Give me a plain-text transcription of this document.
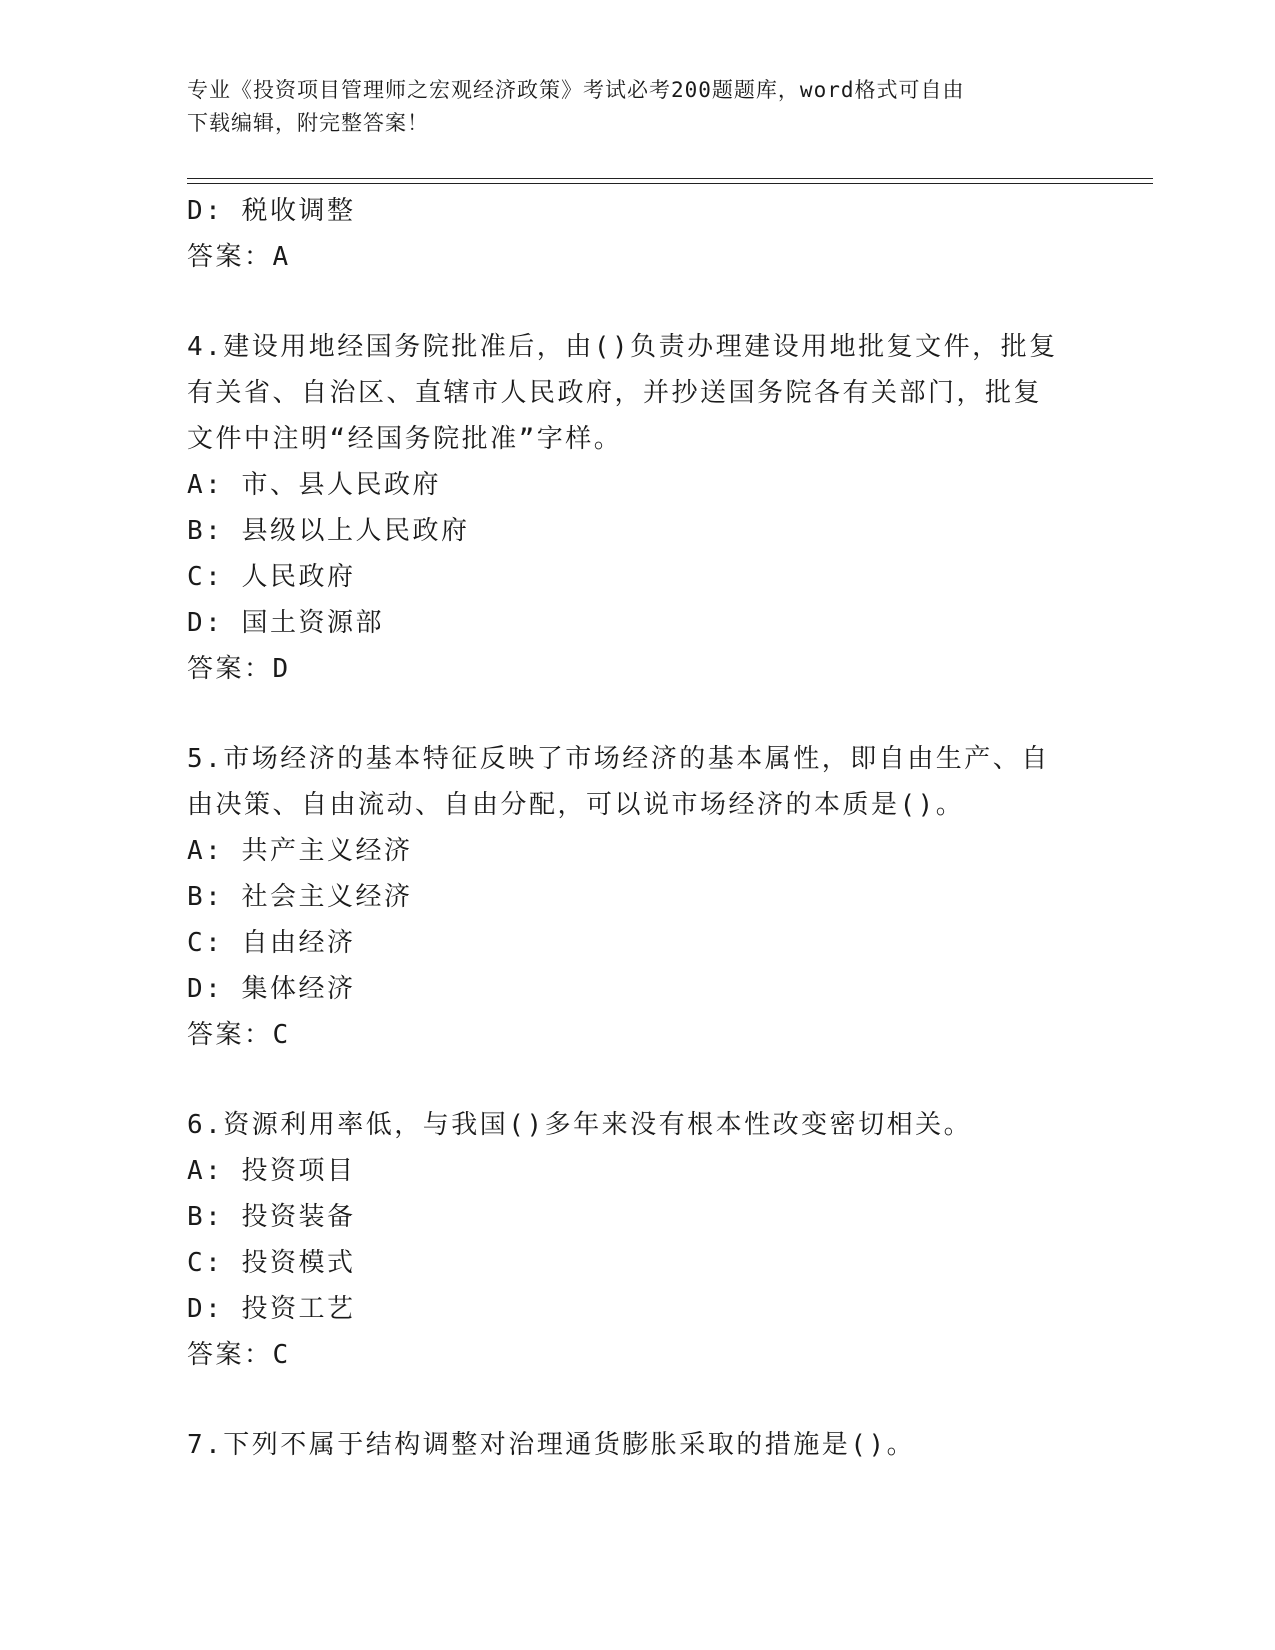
专业《投资项目管理师之宏观经济政策》考试必考200题题库，word格式可自由
下载编辑，附完整答案！
D: 税收调整
答案：A
4.建设用地经国务院批准后，由()负责办理建设用地批复文件，批复
有关省、自治区、直辖市人民政府，并抄送国务院各有关部门，批复
文件中注明“经国务院批准”字样。
A: 市、县人民政府
B: 县级以上人民政府
C: 人民政府
D: 国土资源部
答案：D
5.市场经济的基本特征反映了市场经济的基本属性，即自由生产、自
由决策、自由流动、自由分配，可以说市场经济的本质是()。
A: 共产主义经济
B: 社会主义经济
C: 自由经济
D: 集体经济
答案：C
6.资源利用率低，与我国()多年来没有根本性改变密切相关。
A: 投资项目
B: 投资装备
C: 投资模式
D: 投资工艺
答案：C
7.下列不属于结构调整对治理通货膨胀采取的措施是()。
